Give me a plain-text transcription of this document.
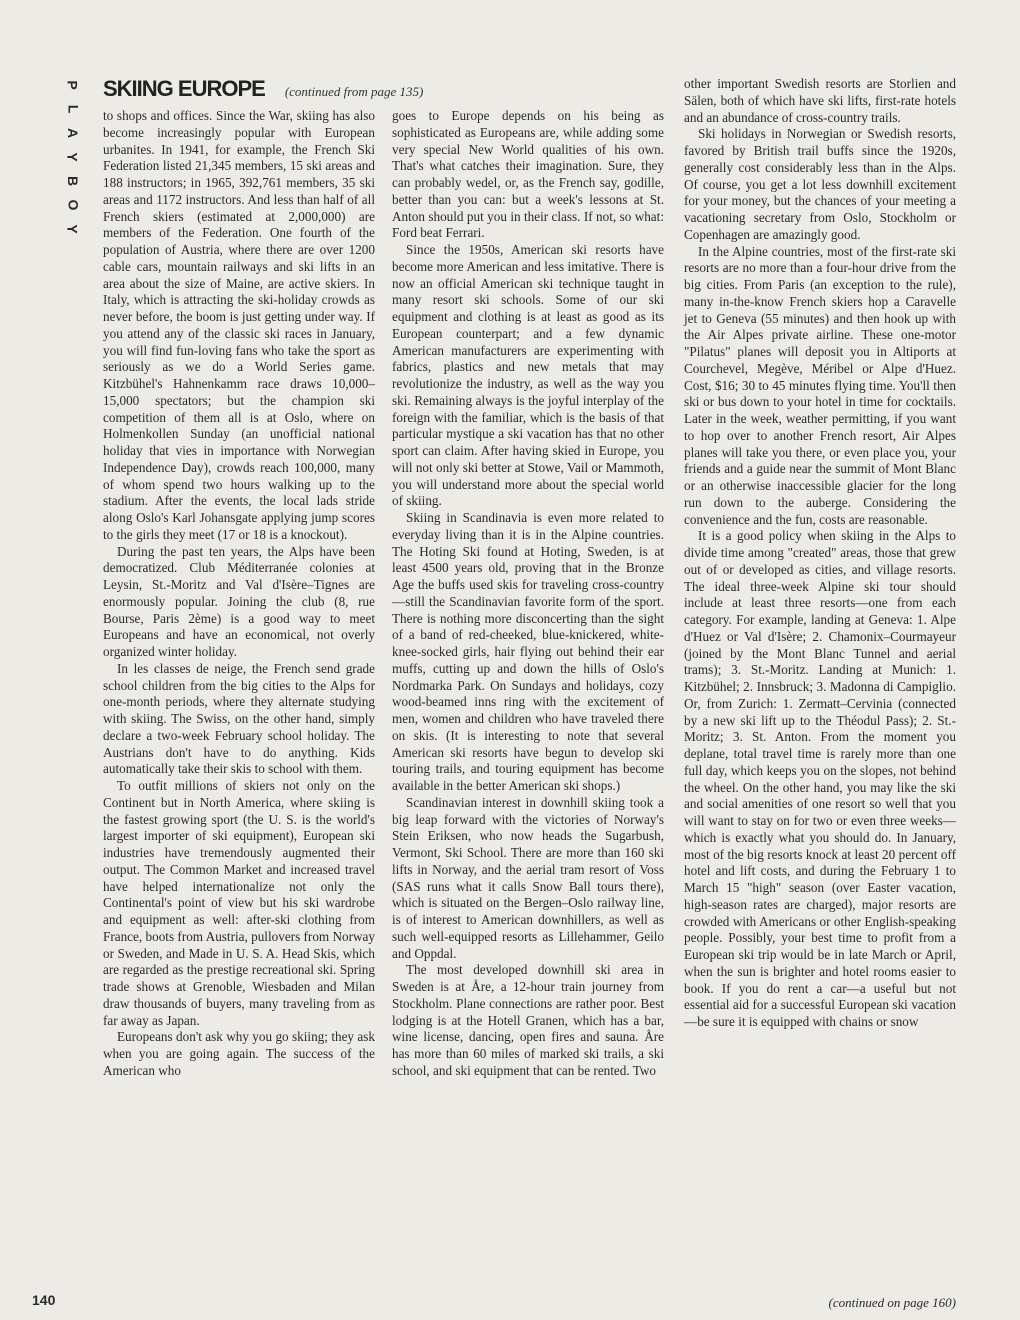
P
L
A
Y
B
O
Y
SKIING EUROPE (continued from page 135)

to shops and offices. Since the War, skiing has also become increasingly popular with European urbanites. In 1941, for example, the French Ski Federation listed 21,345 members, 15 ski areas and 188 instructors; in 1965, 392,761 members, 35 ski areas and 1172 instructors. And less than half of all French skiers (estimated at 2,000,000) are members of the Federation. One fourth of the population of Austria, where there are over 1200 cable cars, mountain railways and ski lifts in an area about the size of Maine, are active skiers. In Italy, which is attracting the ski-holiday crowds as never before, the boom is just getting under way. If you attend any of the classic ski races in January, you will find fun-loving fans who take the sport as seriously as we do a World Series game. Kitzbühel's Hahnenkamm race draws 10,000–15,000 spectators; but the champion ski competition of them all is at Oslo, where on Holmenkollen Sunday (an unofficial national holiday that vies in importance with Norwegian Independence Day), crowds reach 100,000, many of whom spend two hours walking up to the stadium. After the events, the local lads stride along Oslo's Karl Johansgate applying jump scores to the girls they meet (17 or 18 is a knockout).

During the past ten years, the Alps have been democratized. Club Méditerranée colonies at Leysin, St.-Moritz and Val d'Isère–Tignes are enormously popular. Joining the club (8, rue Bourse, Paris 2ème) is a good way to meet Europeans and have an economical, not overly organized winter holiday.

In les classes de neige, the French send grade school children from the big cities to the Alps for one-month periods, where they alternate studying with skiing. The Swiss, on the other hand, simply declare a two-week February school holiday. The Austrians don't have to do anything. Kids automatically take their skis to school with them.

To outfit millions of skiers not only on the Continent but in North America, where skiing is the fastest growing sport (the U. S. is the world's largest importer of ski equipment), European ski industries have tremendously augmented their output. The Common Market and increased travel have helped internationalize not only the Continental's point of view but his ski wardrobe and equipment as well: after-ski clothing from France, boots from Austria, pullovers from Norway or Sweden, and Made in U. S. A. Head Skis, which are regarded as the prestige recreational ski. Spring trade shows at Grenoble, Wiesbaden and Milan draw thousands of buyers, many traveling from as far away as Japan.

Europeans don't ask why you go skiing; they ask when you are going again. The success of the American who

goes to Europe depends on his being as sophisticated as Europeans are, while adding some very special New World qualities of his own. That's what catches their imagination. Sure, they can probably wedel, or, as the French say, godille, better than you can: but a week's lessons at St. Anton should put you in their class. If not, so what: Ford beat Ferrari.

Since the 1950s, American ski resorts have become more American and less imitative. There is now an official American ski technique taught in many resort ski schools. Some of our ski equipment and clothing is at least as good as its European counterpart; and a few dynamic American manufacturers are experimenting with fabrics, plastics and new metals that may revolutionize the industry, as well as the way you ski. Remaining always is the joyful interplay of the foreign with the familiar, which is the basis of that particular mystique a ski vacation has that no other sport can claim. After having skied in Europe, you will not only ski better at Stowe, Vail or Mammoth, you will understand more about the special world of skiing.

Skiing in Scandinavia is even more related to everyday living than it is in the Alpine countries. The Hoting Ski found at Hoting, Sweden, is at least 4500 years old, proving that in the Bronze Age the buffs used skis for traveling cross-country —still the Scandinavian favorite form of the sport. There is nothing more disconcerting than the sight of a band of red-cheeked, blue-knickered, white-knee-socked girls, hair flying out behind their ear muffs, cutting up and down the hills of Oslo's Nordmarka Park. On Sundays and holidays, cozy wood-beamed inns ring with the excitement of men, women and children who have traveled there on skis. (It is interesting to note that several American ski resorts have begun to develop ski touring trails, and touring equipment has become available in the better American ski shops.)

Scandinavian interest in downhill skiing took a big leap forward with the victories of Norway's Stein Eriksen, who now heads the Sugarbush, Vermont, Ski School. There are more than 160 ski lifts in Norway, and the aerial tram resort of Voss (SAS runs what it calls Snow Ball tours there), which is situated on the Bergen–Oslo railway line, is of interest to American downhillers, as well as such well-equipped resorts as Lillehammer, Geilo and Oppdal.

The most developed downhill ski area in Sweden is at Åre, a 12-hour train journey from Stockholm. Plane connections are rather poor. Best lodging is at the Hotell Granen, which has a bar, wine license, dancing, open fires and sauna. Åre has more than 60 miles of marked ski trails, a ski school, and ski equipment that can be rented. Two

other important Swedish resorts are Storlien and Sälen, both of which have ski lifts, first-rate hotels and an abundance of cross-country trails.

Ski holidays in Norwegian or Swedish resorts, favored by British trail buffs since the 1920s, generally cost considerably less than in the Alps. Of course, you get a lot less downhill excitement for your money, but the chances of your meeting a vacationing secretary from Oslo, Stockholm or Copenhagen are amazingly good.

In the Alpine countries, most of the first-rate ski resorts are no more than a four-hour drive from the big cities. From Paris (an exception to the rule), many in-the-know French skiers hop a Caravelle jet to Geneva (55 minutes) and then hook up with the Air Alpes private airline. These one-motor "Pilatus" planes will deposit you in Altiports at Courchevel, Megève, Méribel or Alpe d'Huez. Cost, $16; 30 to 45 minutes flying time. You'll then ski or bus down to your hotel in time for cocktails. Later in the week, weather permitting, if you want to hop over to another French resort, Air Alpes planes will take you there, or even place you, your friends and a guide near the summit of Mont Blanc or an otherwise inaccessible glacier for the long run down to the auberge. Considering the convenience and the fun, costs are reasonable.

It is a good policy when skiing in the Alps to divide time among "created" areas, those that grew out of or developed as cities, and village resorts. The ideal three-week Alpine ski tour should include at least three resorts—one from each category. For example, landing at Geneva: 1. Alpe d'Huez or Val d'Isère; 2. Chamonix–Courmayeur (joined by the Mont Blanc Tunnel and aerial trams); 3. St.-Moritz. Landing at Munich: 1. Kitzbühel; 2. Innsbruck; 3. Madonna di Campiglio. Or, from Zurich: 1. Zermatt–Cervinia (connected by a new ski lift up to the Théodul Pass); 2. St.-Moritz; 3. St. Anton. From the moment you deplane, total travel time is rarely more than one full day, which keeps you on the slopes, not behind the wheel. On the other hand, you may like the ski and social amenities of one resort so well that you will want to stay on for two or even three weeks—which is exactly what you should do. In January, most of the big resorts knock at least 20 percent off hotel and lift costs, and during the February 1 to March 15 "high" season (over Easter vacation, high-season rates are charged), major resorts are crowded with Americans or other English-speaking people. Possibly, your best time to profit from a European ski trip would be in late March or April, when the sun is brighter and hotel rooms easier to book. If you do rent a car—a useful but not essential aid for a successful European ski vacation—be sure it is equipped with chains or snow

140	(continued on page 160)
